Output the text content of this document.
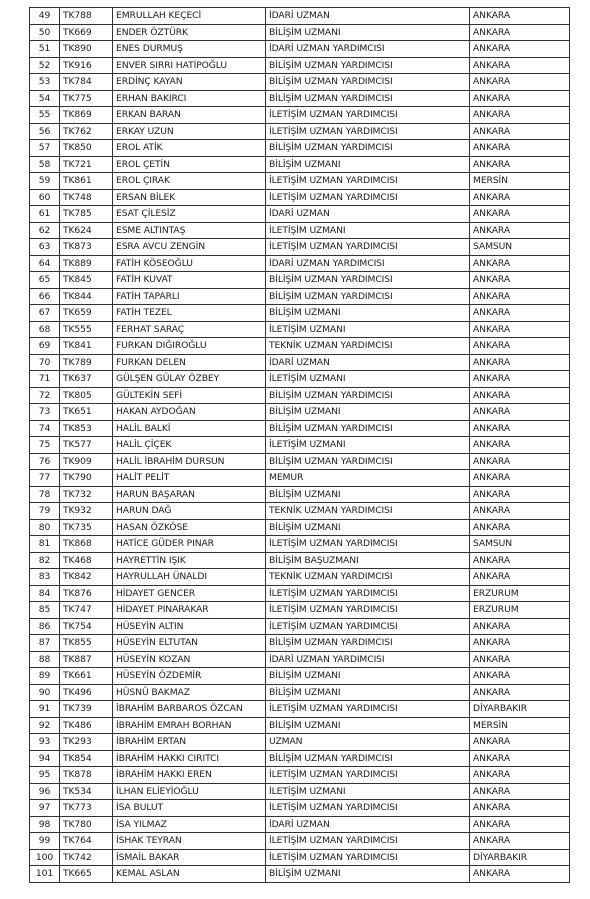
49	TK788	EMRULLAH KEÇECİ	İDARİ UZMAN	ANKARA
50	TK669	ENDER ÖZTÜRK	BİLİŞİM UZMANI	ANKARA
51	TK890	ENES DURMUŞ	İDARİ UZMAN YARDIMCISI	ANKARA
52	TK916	ENVER SIRRI HATİPOĞLU	BİLİŞİM UZMAN YARDIMCISI	ANKARA
53	TK784	ERDİNÇ KAYAN	BİLİŞİM UZMAN YARDIMCISI	ANKARA
54	TK775	ERHAN BAKIRCI	BİLİŞİM UZMAN YARDIMCISI	ANKARA
55	TK869	ERKAN BARAN	İLETİŞİM UZMAN YARDIMCISI	ANKARA
56	TK762	ERKAY UZUN	İLETİŞİM UZMAN YARDIMCISI	ANKARA
57	TK850	EROL ATİK	BİLİŞİM UZMAN YARDIMCISI	ANKARA
58	TK721	EROL ÇETİN	BİLİŞİM UZMANI	ANKARA
59	TK861	EROL ÇIRAK	İLETİŞİM UZMAN YARDIMCISI	MERSİN
60	TK748	ERSAN BİLEK	İLETİŞİM UZMAN YARDIMCISI	ANKARA
61	TK785	ESAT ÇİLESİZ	İDARİ UZMAN	ANKARA
62	TK624	ESME ALTINTAŞ	İLETİŞİM UZMANI	ANKARA
63	TK873	ESRA AVCU ZENGİN	İLETİŞİM UZMAN YARDIMCISI	SAMSUN
64	TK889	FATİH KÖSEOĞLU	İDARİ UZMAN YARDIMCISI	ANKARA
65	TK845	FATİH KUVAT	BİLİŞİM UZMAN YARDIMCISI	ANKARA
66	TK844	FATİH TAPARLI	BİLİŞİM UZMAN YARDIMCISI	ANKARA
67	TK659	FATİH TEZEL	BİLİŞİM UZMANI	ANKARA
68	TK555	FERHAT SARAÇ	İLETİŞİM UZMANI	ANKARA
69	TK841	FURKAN DIĞIROĞLU	TEKNİK UZMAN YARDIMCISI	ANKARA
70	TK789	FURKAN DELEN	İDARİ UZMAN	ANKARA
71	TK637	GÜLŞEN GÜLAY ÖZBEY	İLETİŞİM UZMANI	ANKARA
72	TK805	GÜLTEKİN SEFİ	BİLİŞİM UZMAN YARDIMCISI	ANKARA
73	TK651	HAKAN AYDOĞAN	BİLİŞİM UZMANI	ANKARA
74	TK853	HALİL BALKİ	BİLİŞİM UZMAN YARDIMCISI	ANKARA
75	TK577	HALİL ÇİÇEK	İLETİŞİM UZMANI	ANKARA
76	TK909	HALİL İBRAHİM DURSUN	BİLİŞİM UZMAN YARDIMCISI	ANKARA
77	TK790	HALİT PELİT	MEMUR	ANKARA
78	TK732	HARUN BAŞARAN	BİLİŞİM UZMANI	ANKARA
79	TK932	HARUN DAĞ	TEKNİK UZMAN YARDIMCISI	ANKARA
80	TK735	HASAN ÖZKÖSE	BİLİŞİM UZMANI	ANKARA
81	TK868	HATİCE GÜDER PINAR	İLETİŞİM UZMAN YARDIMCISI	SAMSUN
82	TK468	HAYRETTİN IŞIK	BİLİŞİM BAŞUZMANI	ANKARA
83	TK842	HAYRULLAH ÜNALDI	TEKNİK UZMAN YARDIMCISI	ANKARA
84	TK876	HİDAYET GENCER	İLETİŞİM UZMAN YARDIMCISI	ERZURUM
85	TK747	HİDAYET PINARAKAR	İLETİŞİM UZMAN YARDIMCISI	ERZURUM
86	TK754	HÜSEYİN ALTIN	İLETİŞİM UZMAN YARDIMCISI	ANKARA
87	TK855	HÜSEYİN ELTUTAN	BİLİŞİM UZMAN YARDIMCISI	ANKARA
88	TK887	HÜSEYİN KOZAN	İDARİ UZMAN YARDIMCISI	ANKARA
89	TK661	HÜSEYİN ÖZDEMİR	BİLİŞİM UZMANI	ANKARA
90	TK496	HÜSNÜ BAKMAZ	BİLİŞİM UZMANI	ANKARA
91	TK739	İBRAHİM BARBAROS ÖZCAN	İLETİŞİM UZMAN YARDIMCISI	DİYARBAKIR
92	TK486	İBRAHİM EMRAH BORHAN	BİLİŞİM UZMANI	MERSİN
93	TK293	İBRAHİM ERTAN	UZMAN	ANKARA
94	TK854	İBRAHİM HAKKI CIRITCI	BİLİŞİM UZMAN YARDIMCISI	ANKARA
95	TK878	İBRAHİM HAKKI EREN	İLETİŞİM UZMAN YARDIMCISI	ANKARA
96	TK534	İLHAN ELİEYİOĞLU	İLETİŞİM UZMANI	ANKARA
97	TK773	İSA BULUT	İLETİŞİM UZMAN YARDIMCISI	ANKARA
98	TK780	İSA YILMAZ	İDARİ UZMAN	ANKARA
99	TK764	İSHAK TEYRAN	İLETİŞİM UZMAN YARDIMCISI	ANKARA
100	TK742	İSMAİL BAKAR	İLETİŞİM UZMAN YARDIMCISI	DİYARBAKIR
101	TK665	KEMAL ASLAN	BİLİŞİM UZMANI	ANKARA
